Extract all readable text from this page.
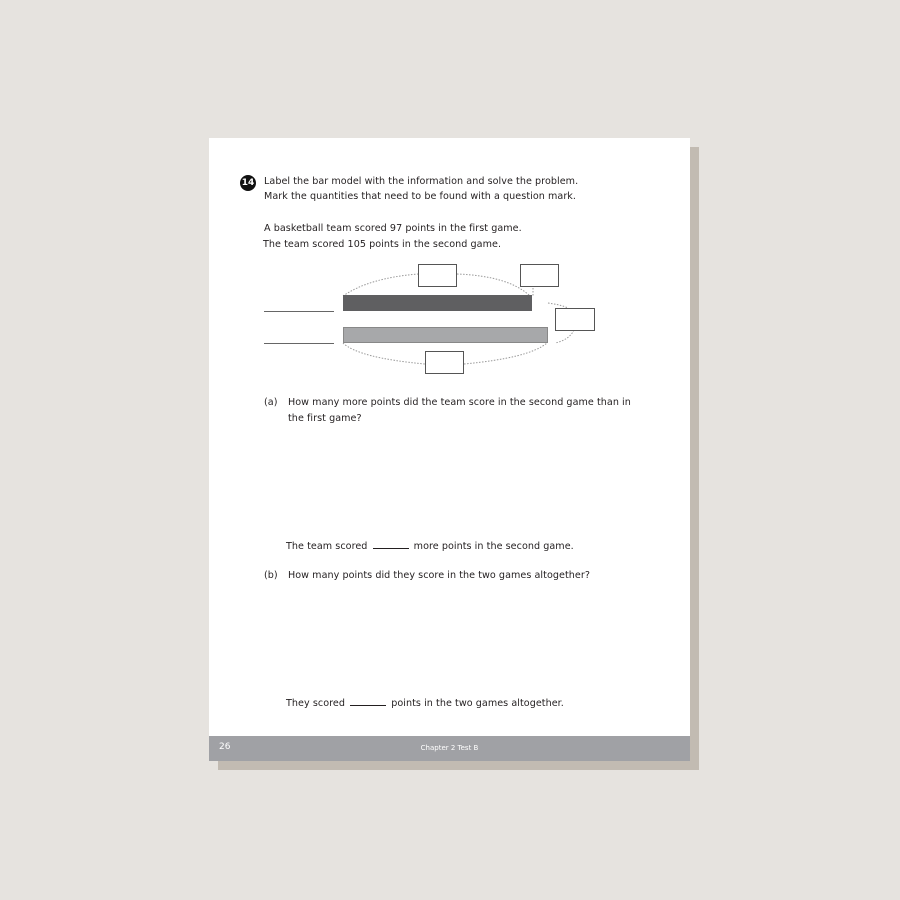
14 Label the bar model with the information and solve the problem.
Mark the quantities that need to be found with a question mark.
A basketball team scored 97 points in the first game.
The team scored 105 points in the second game.
(a) How many more points did the team score in the second game than in
the first game?
The team scored	more points in the second game.
(b) How many points did they score in the two games altogether?
They scored	points in the two games altogether.
26	Chapter 2 Test B
